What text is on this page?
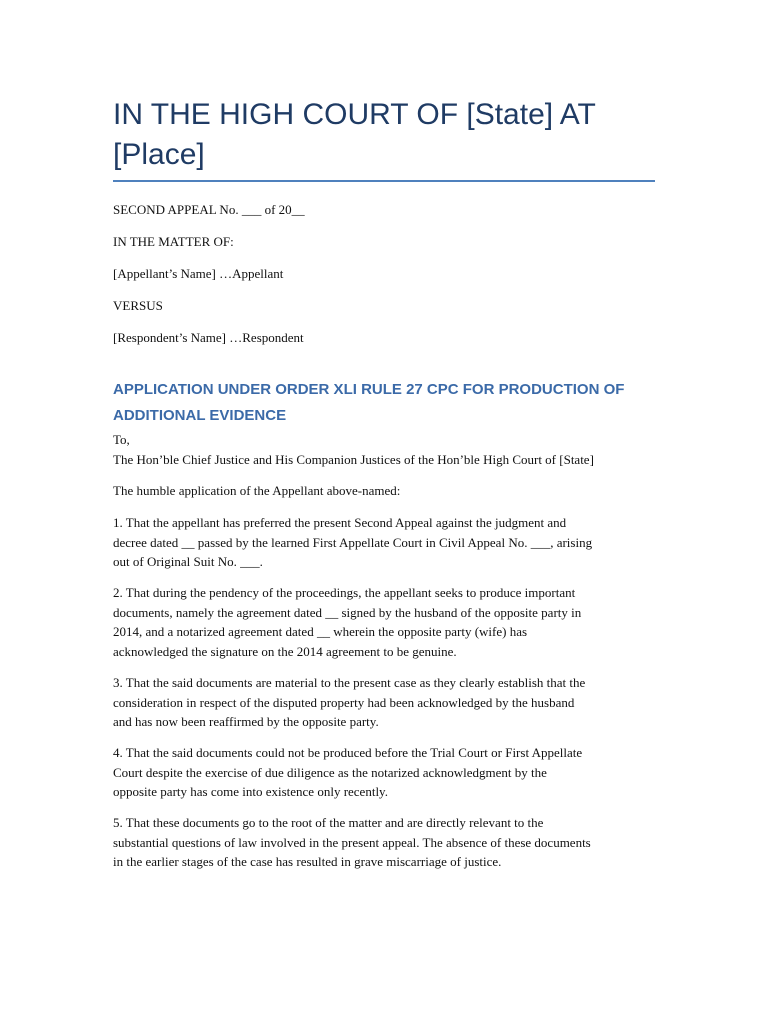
IN THE HIGH COURT OF [State] AT [Place]

SECOND APPEAL No. ___ of 20__

IN THE MATTER OF:

[Appellant’s Name] …Appellant

VERSUS

[Respondent’s Name] …Respondent

APPLICATION UNDER ORDER XLI RULE 27 CPC FOR PRODUCTION OF
ADDITIONAL EVIDENCE

To,
The Hon’ble Chief Justice and His Companion Justices of the Hon’ble High Court of [State]

The humble application of the Appellant above-named:

1. That the appellant has preferred the present Second Appeal against the judgment and
decree dated __ passed by the learned First Appellate Court in Civil Appeal No. ___, arising
out of Original Suit No. ___.

2. That during the pendency of the proceedings, the appellant seeks to produce important
documents, namely the agreement dated __ signed by the husband of the opposite party in
2014, and a notarized agreement dated __ wherein the opposite party (wife) has
acknowledged the signature on the 2014 agreement to be genuine.

3. That the said documents are material to the present case as they clearly establish that the
consideration in respect of the disputed property had been acknowledged by the husband
and has now been reaffirmed by the opposite party.

4. That the said documents could not be produced before the Trial Court or First Appellate
Court despite the exercise of due diligence as the notarized acknowledgment by the
opposite party has come into existence only recently.

5. That these documents go to the root of the matter and are directly relevant to the
substantial questions of law involved in the present appeal. The absence of these documents
in the earlier stages of the case has resulted in grave miscarriage of justice.
